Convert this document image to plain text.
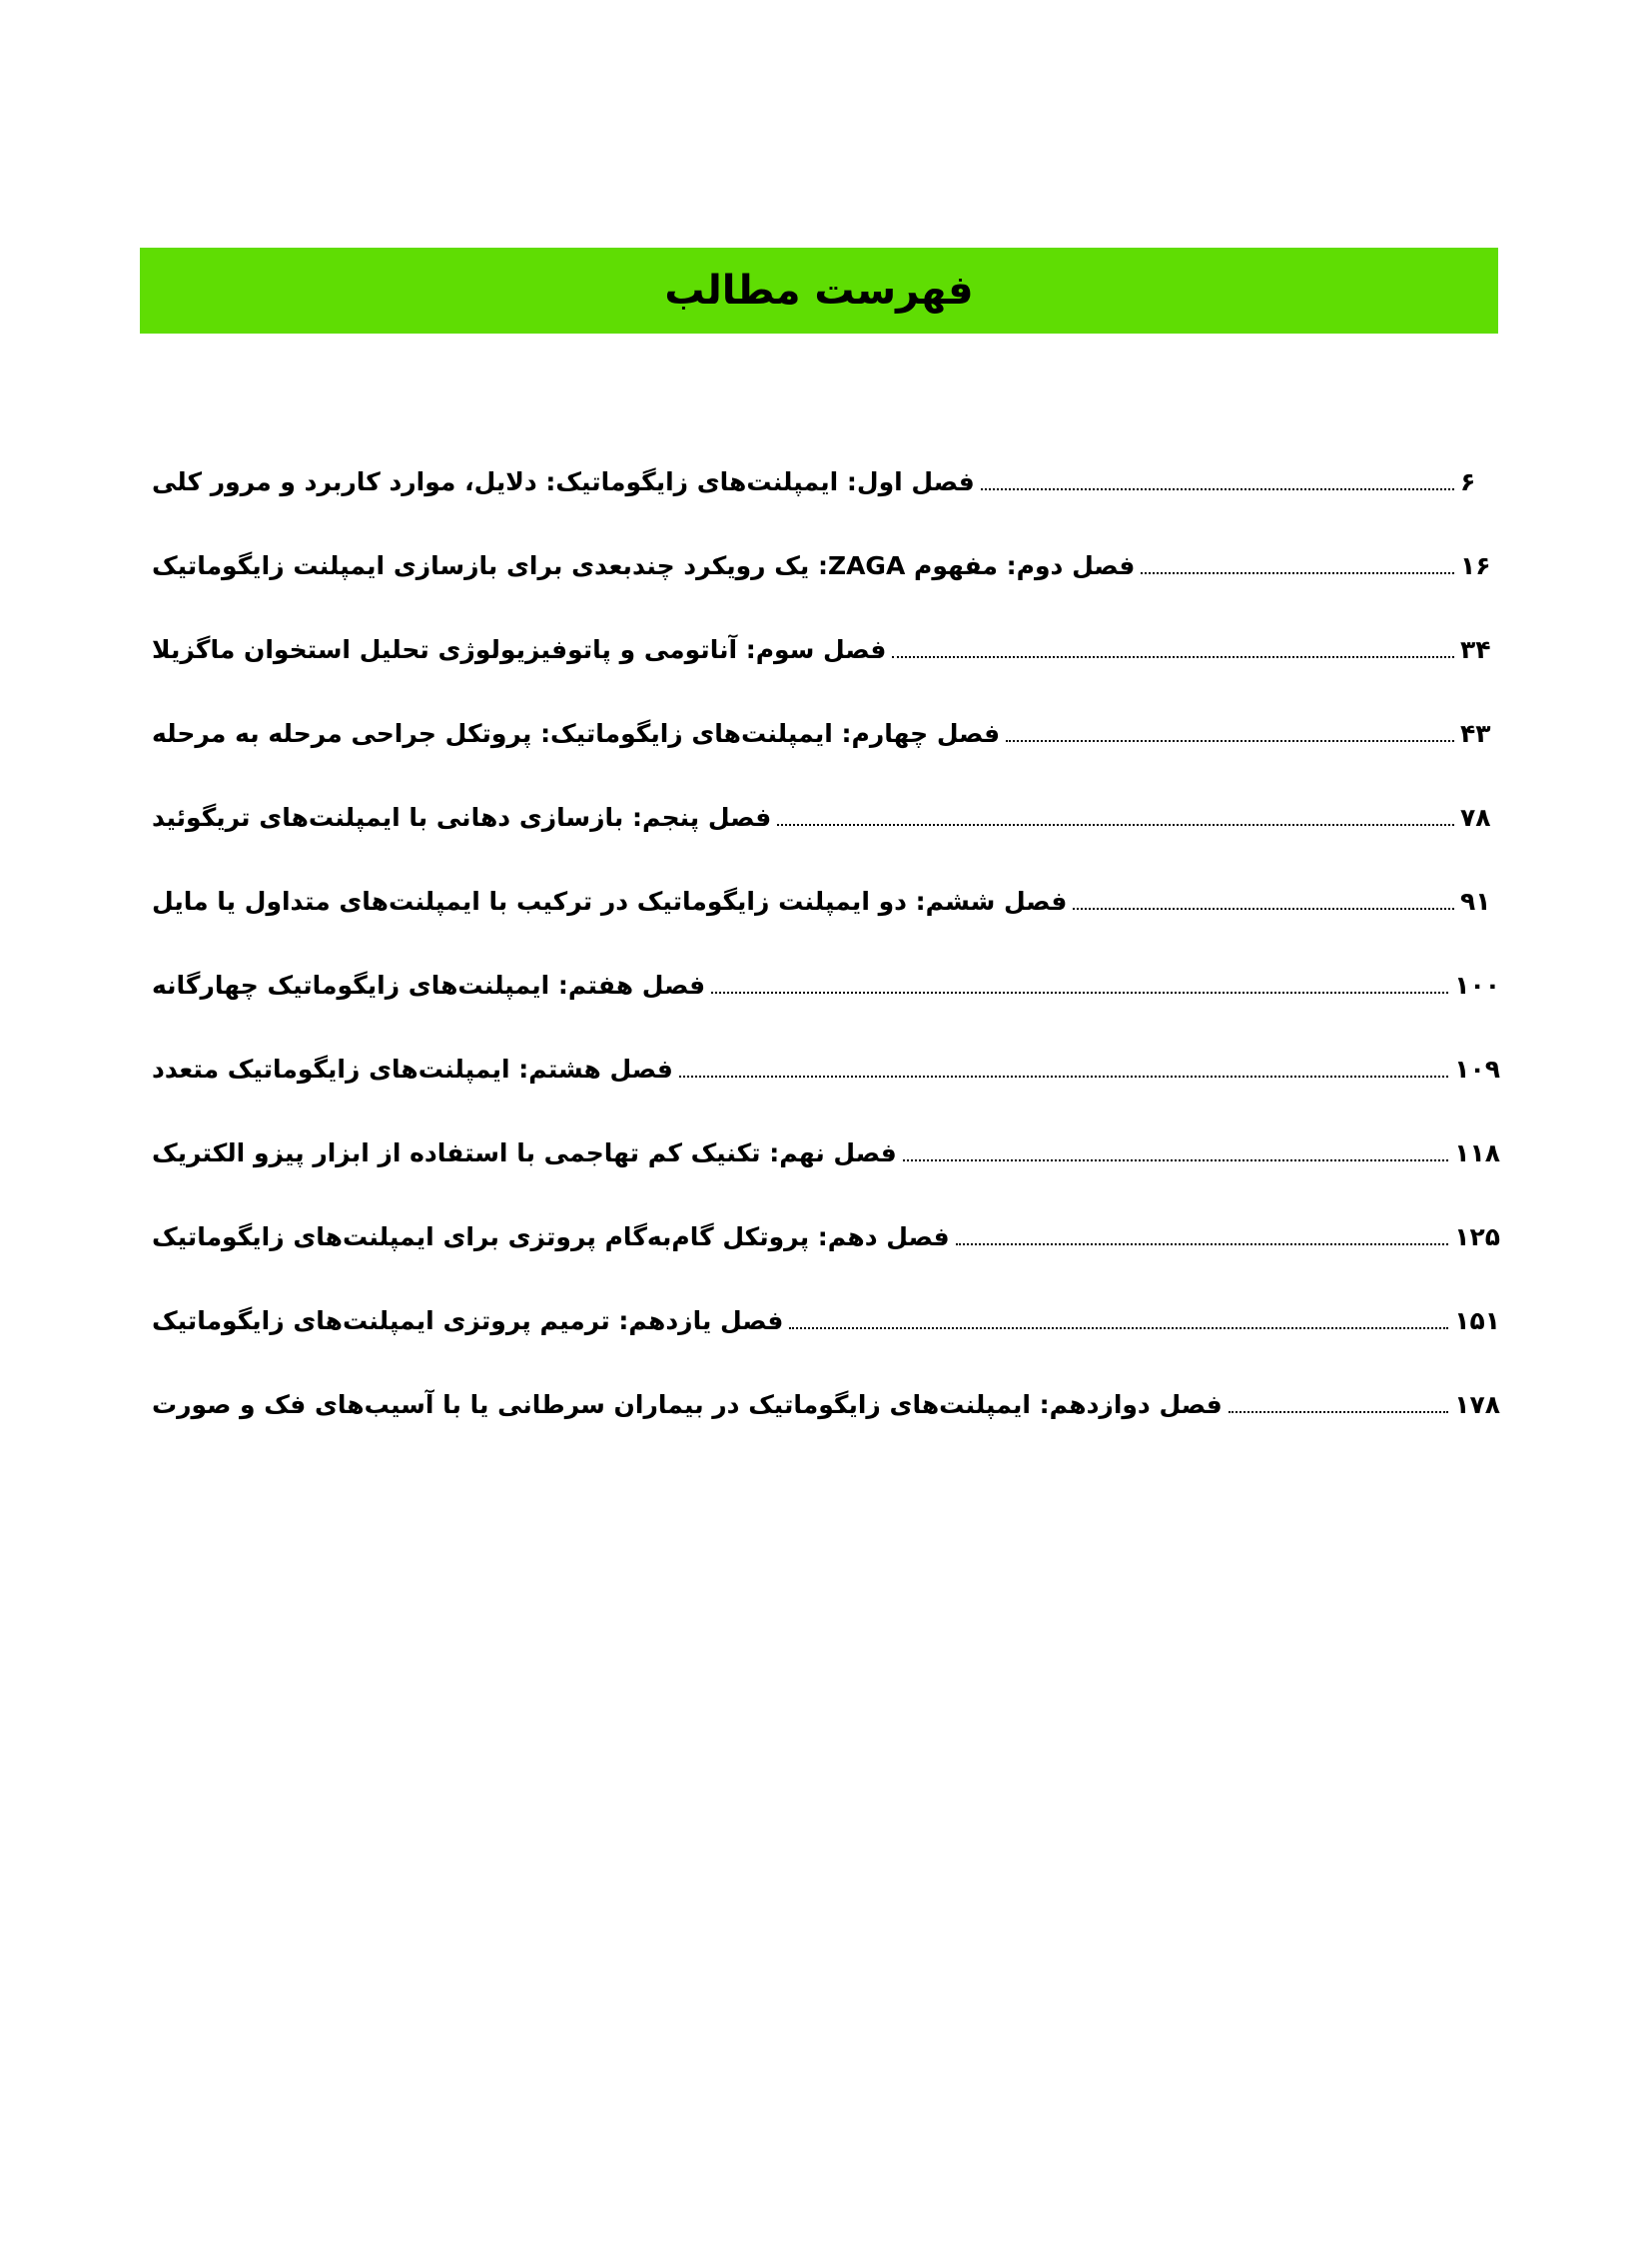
فهرست مطالب
فصل اول: ایمپلنت‌های زایگوماتیک: دلایل، موارد کاربرد و مرور کلی	۶
فصل دوم: مفهوم ZAGA: یک رویکرد چندبعدی برای بازسازی ایمپلنت زایگوماتیک	۱۶
فصل سوم: آناتومی و پاتوفیزیولوژی تحلیل استخوان ماگزیلا	۳۴
فصل چهارم: ایمپلنت‌های زایگوماتیک: پروتکل جراحی مرحله به مرحله	۴۳
فصل پنجم: بازسازی دهانی با ایمپلنت‌های تریگوئید	۷۸
فصل ششم: دو ایمپلنت زایگوماتیک در ترکیب با ایمپلنت‌های متداول یا مایل	۹۱
فصل هفتم: ایمپلنت‌های زایگوماتیک چهارگانه	۱۰۰
فصل هشتم: ایمپلنت‌های زایگوماتیک متعدد	۱۰۹
فصل نهم: تکنیک کم تهاجمی با استفاده از ابزار پیزو الکتریک	۱۱۸
فصل دهم: پروتکل گام‌به‌گام پروتزی برای ایمپلنت‌های زایگوماتیک	۱۲۵
فصل یازدهم: ترمیم پروتزی ایمپلنت‌های زایگوماتیک	۱۵۱
فصل دوازدهم: ایمپلنت‌های زایگوماتیک در بیماران سرطانی یا با آسیب‌های فک و صورت	۱۷۸
